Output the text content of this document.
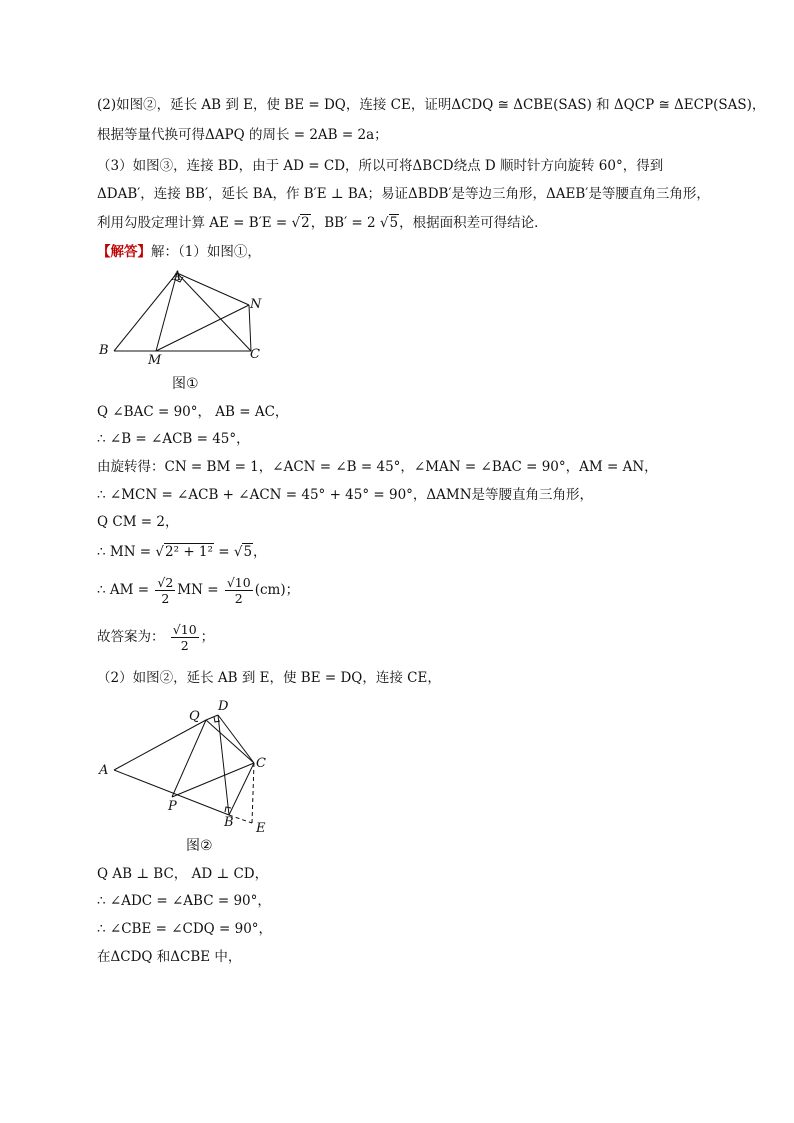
(2)如图②，延长 AB 到 E，使 BE = DQ，连接 CE，证明ΔCDQ ≅ ΔCBE(SAS) 和 ΔQCP ≅ ΔECP(SAS)，
根据等量代换可得ΔAPQ 的周长 = 2AB = 2a；
（3）如图③，连接 BD，由于 AD = CD，所以可将ΔBCD绕点 D 顺时针方向旋转 60°，得到
ΔDAB′，连接 BB′，延长 BA，作 B′E ⊥ BA；易证ΔBDB′是等边三角形，ΔAEB′是等腰直角三角形，
利用勾股定理计算 AE = B′E = √2，BB′ = 2 √5，根据面积差可得结论．
【解答】解：（1）如图①，
A
B	C
M
N
图①
Q ∠BAC = 90°， AB = AC，
∴ ∠B = ∠ACB = 45°，
由旋转得：CN = BM = 1，∠ACN = ∠B = 45°，∠MAN = ∠BAC = 90°，AM = AN，
∴ ∠MCN = ∠ACB + ∠ACN = 45° + 45° = 90°，ΔAMN是等腰直角三角形，
Q CM = 2，
∴ MN = √2² + 1² = √5，
∴ AM = $\frac{√2}{2}$ MN = $\frac{√10}{2} (cm)$；
故答案为： $\frac{√10}{2}$ ；
（2）如图②，延长 AB 到 E，使 BE = DQ，连接 CE，
A
B
C
D
E
P
Q
图②
Q AB ⊥ BC， AD ⊥ CD，
∴ ∠ADC = ∠ABC = 90°，
∴ ∠CBE = ∠CDQ = 90°，
在ΔCDQ 和ΔCBE 中，
